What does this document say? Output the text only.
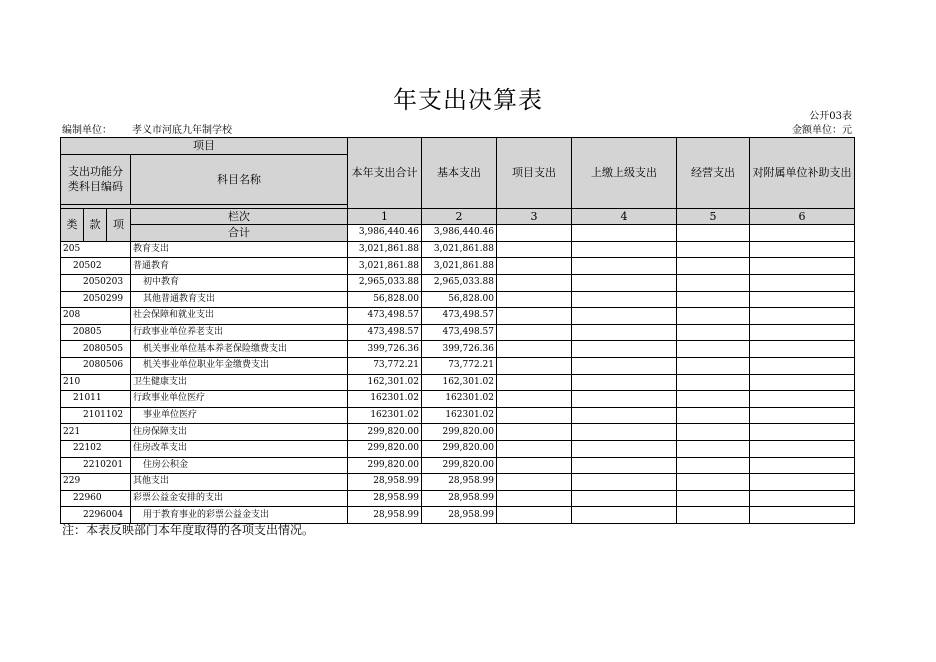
年支出决算表
公开03表
编制单位： 孝义市河底九年制学校	金额单位：元
项目				本年支出合计	基本支出	项目支出	上缴上级支出	经营支出	对附属单位补助支出
支出功能分类科目编码			科目名称						

类	款	项	栏次	1	2	3	4	5	6
			合计	3,986,440.46	3,986,440.46				
205			教育支出	3,021,861.88	3,021,861.88				
20502			普通教育	3,021,861.88	3,021,861.88				
2050203			初中教育	2,965,033.88	2,965,033.88				
2050299			其他普通教育支出	56,828.00	56,828.00				
208			社会保障和就业支出	473,498.57	473,498.57				
20805			行政事业单位养老支出	473,498.57	473,498.57				
2080505			机关事业单位基本养老保险缴费支出	399,726.36	399,726.36				
2080506			机关事业单位职业年金缴费支出	73,772.21	73,772.21				
210			卫生健康支出	162,301.02	162,301.02				
21011			行政事业单位医疗	162301.02	162301.02				
2101102			事业单位医疗	162301.02	162301.02				
221			住房保障支出	299,820.00	299,820.00				
22102			住房改革支出	299,820.00	299,820.00				
2210201			住房公积金	299,820.00	299,820.00				
229			其他支出	28,958.99	28,958.99				
22960			彩票公益金安排的支出	28,958.99	28,958.99				
2296004			用于教育事业的彩票公益金支出	28,958.99	28,958.99				
注：本表反映部门本年度取得的各项支出情况。
